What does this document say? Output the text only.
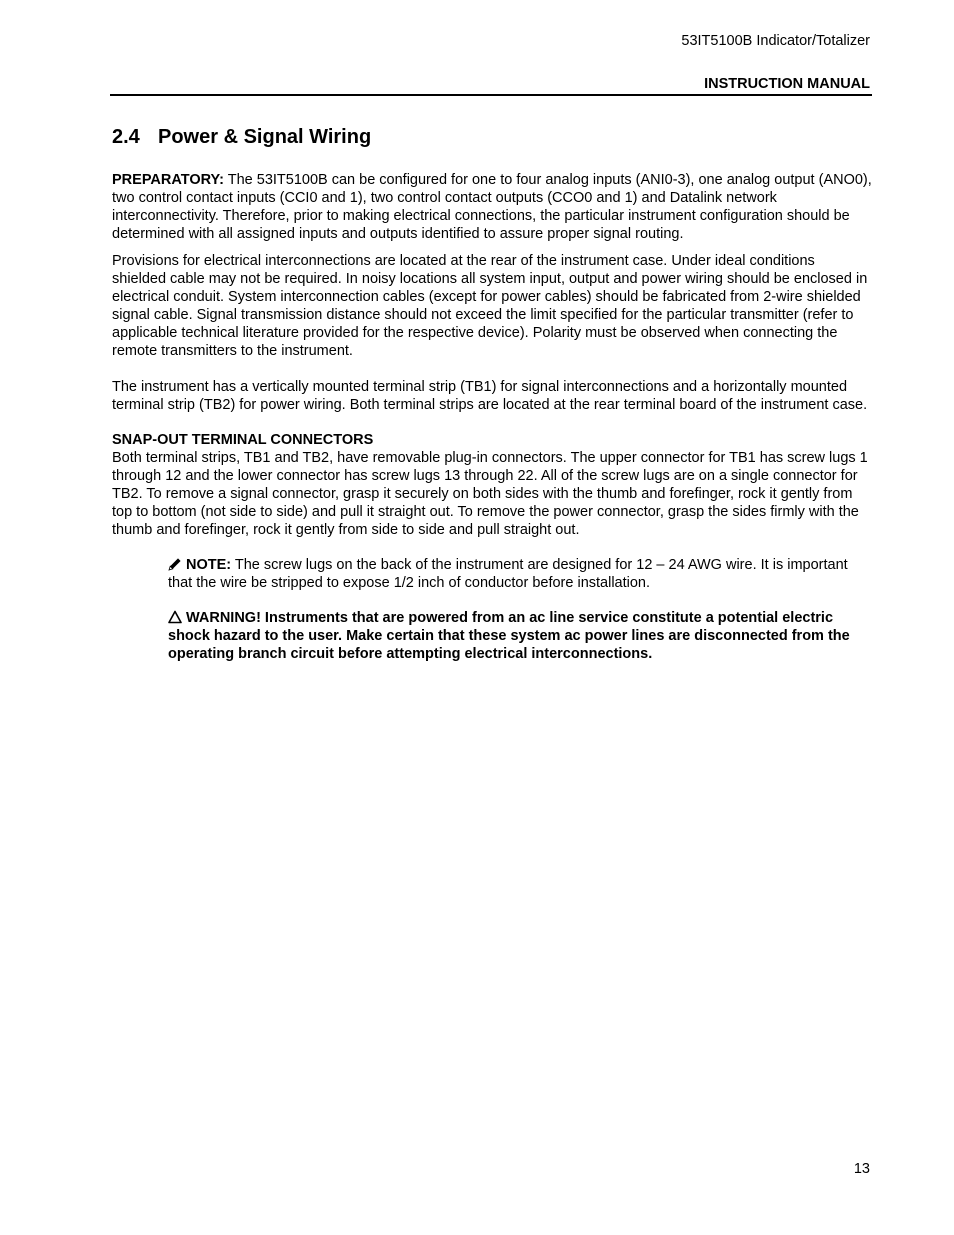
53IT5100B Indicator/Totalizer
INSTRUCTION MANUAL
2.4 Power & Signal Wiring

PREPARATORY: The 53IT5100B can be configured for one to four analog inputs (ANI0-3), one analog output (ANO0), two control contact inputs (CCI0 and 1), two control contact outputs (CCO0 and 1) and Datalink network interconnectivity. Therefore, prior to making electrical connections, the particular instrument configuration should be determined with all assigned inputs and outputs identified to assure proper signal routing.

Provisions for electrical interconnections are located at the rear of the instrument case. Under ideal conditions shielded cable may not be required. In noisy locations all system input, output and power wiring should be enclosed in electrical conduit. System interconnection cables (except for power cables) should be fabricated from 2-wire shielded signal cable. Signal transmission distance should not exceed the limit specified for the particular transmitter (refer to applicable technical literature provided for the respective device). Polarity must be observed when connecting the remote transmitters to the instrument.

The instrument has a vertically mounted terminal strip (TB1) for signal interconnections and a horizontally mounted terminal strip (TB2) for power wiring. Both terminal strips are located at the rear terminal board of the instrument case.

SNAP-OUT TERMINAL CONNECTORS

Both terminal strips, TB1 and TB2, have removable plug-in connectors. The upper connector for TB1 has screw lugs 1 through 12 and the lower connector has screw lugs 13 through 22. All of the screw lugs are on a single connector for TB2. To remove a signal connector, grasp it securely on both sides with the thumb and forefinger, rock it gently from top to bottom (not side to side) and pull it straight out. To remove the power connector, grasp the sides firmly with the thumb and forefinger, rock it gently from side to side and pull straight out.

NOTE: The screw lugs on the back of the instrument are designed for 12 – 24 AWG wire. It is important that the wire be stripped to expose 1/2 inch of conductor before installation.

WARNING! Instruments that are powered from an ac line service constitute a potential electric shock hazard to the user. Make certain that these system ac power lines are disconnected from the operating branch circuit before attempting electrical interconnections.

13
